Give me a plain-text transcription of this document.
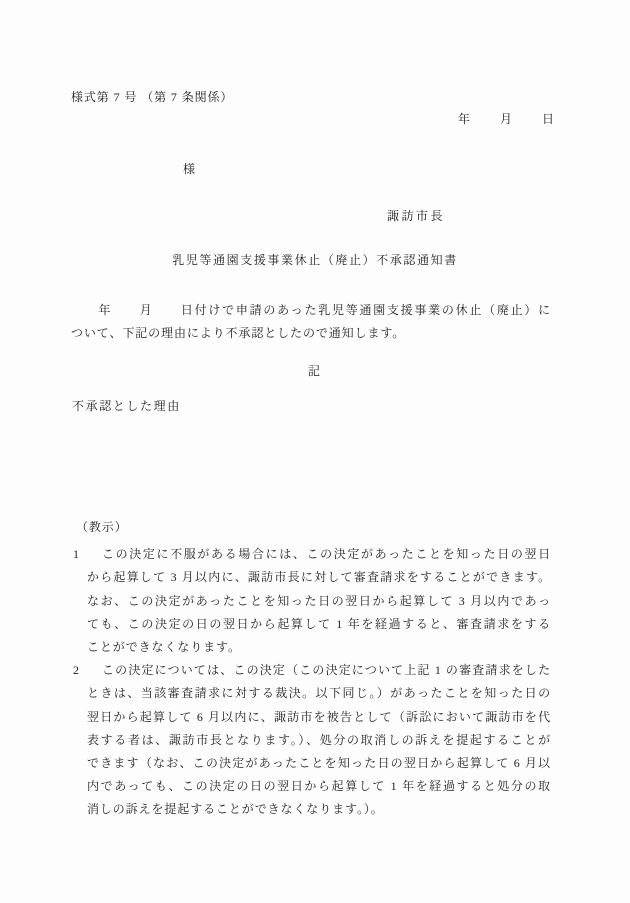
様式第 7 号 （第 7 条関係）
年　　月　　日
様
諏訪市長
乳児等通園支援事業休止（廃止）不承認通知書
　　年　　月　　日付けで申請のあった乳児等通園支援事業の休止（廃止）に
ついて、下記の理由により不承認としたので通知します。
記
不承認とした理由
（教示）
1	この決定に不服がある場合には、この決定があったことを知った日の翌日
から起算して 3 月以内に、諏訪市長に対して審査請求をすることができます。
なお、この決定があったことを知った日の翌日から起算して 3 月以内であっ
ても、この決定の日の翌日から起算して 1 年を経過すると、審査請求をする
ことができなくなります。
2	この決定については、この決定（この決定について上記 1 の審査請求をした
ときは、当該審査請求に対する裁決。以下同じ。）があったことを知った日の
翌日から起算して 6 月以内に、諏訪市を被告として（訴訟において諏訪市を代
表する者は、諏訪市長となります。）、処分の取消しの訴えを提起することが
できます（なお、この決定があったことを知った日の翌日から起算して 6 月以
内であっても、この決定の日の翌日から起算して 1 年を経過すると処分の取
消しの訴えを提起することができなくなります。）。
